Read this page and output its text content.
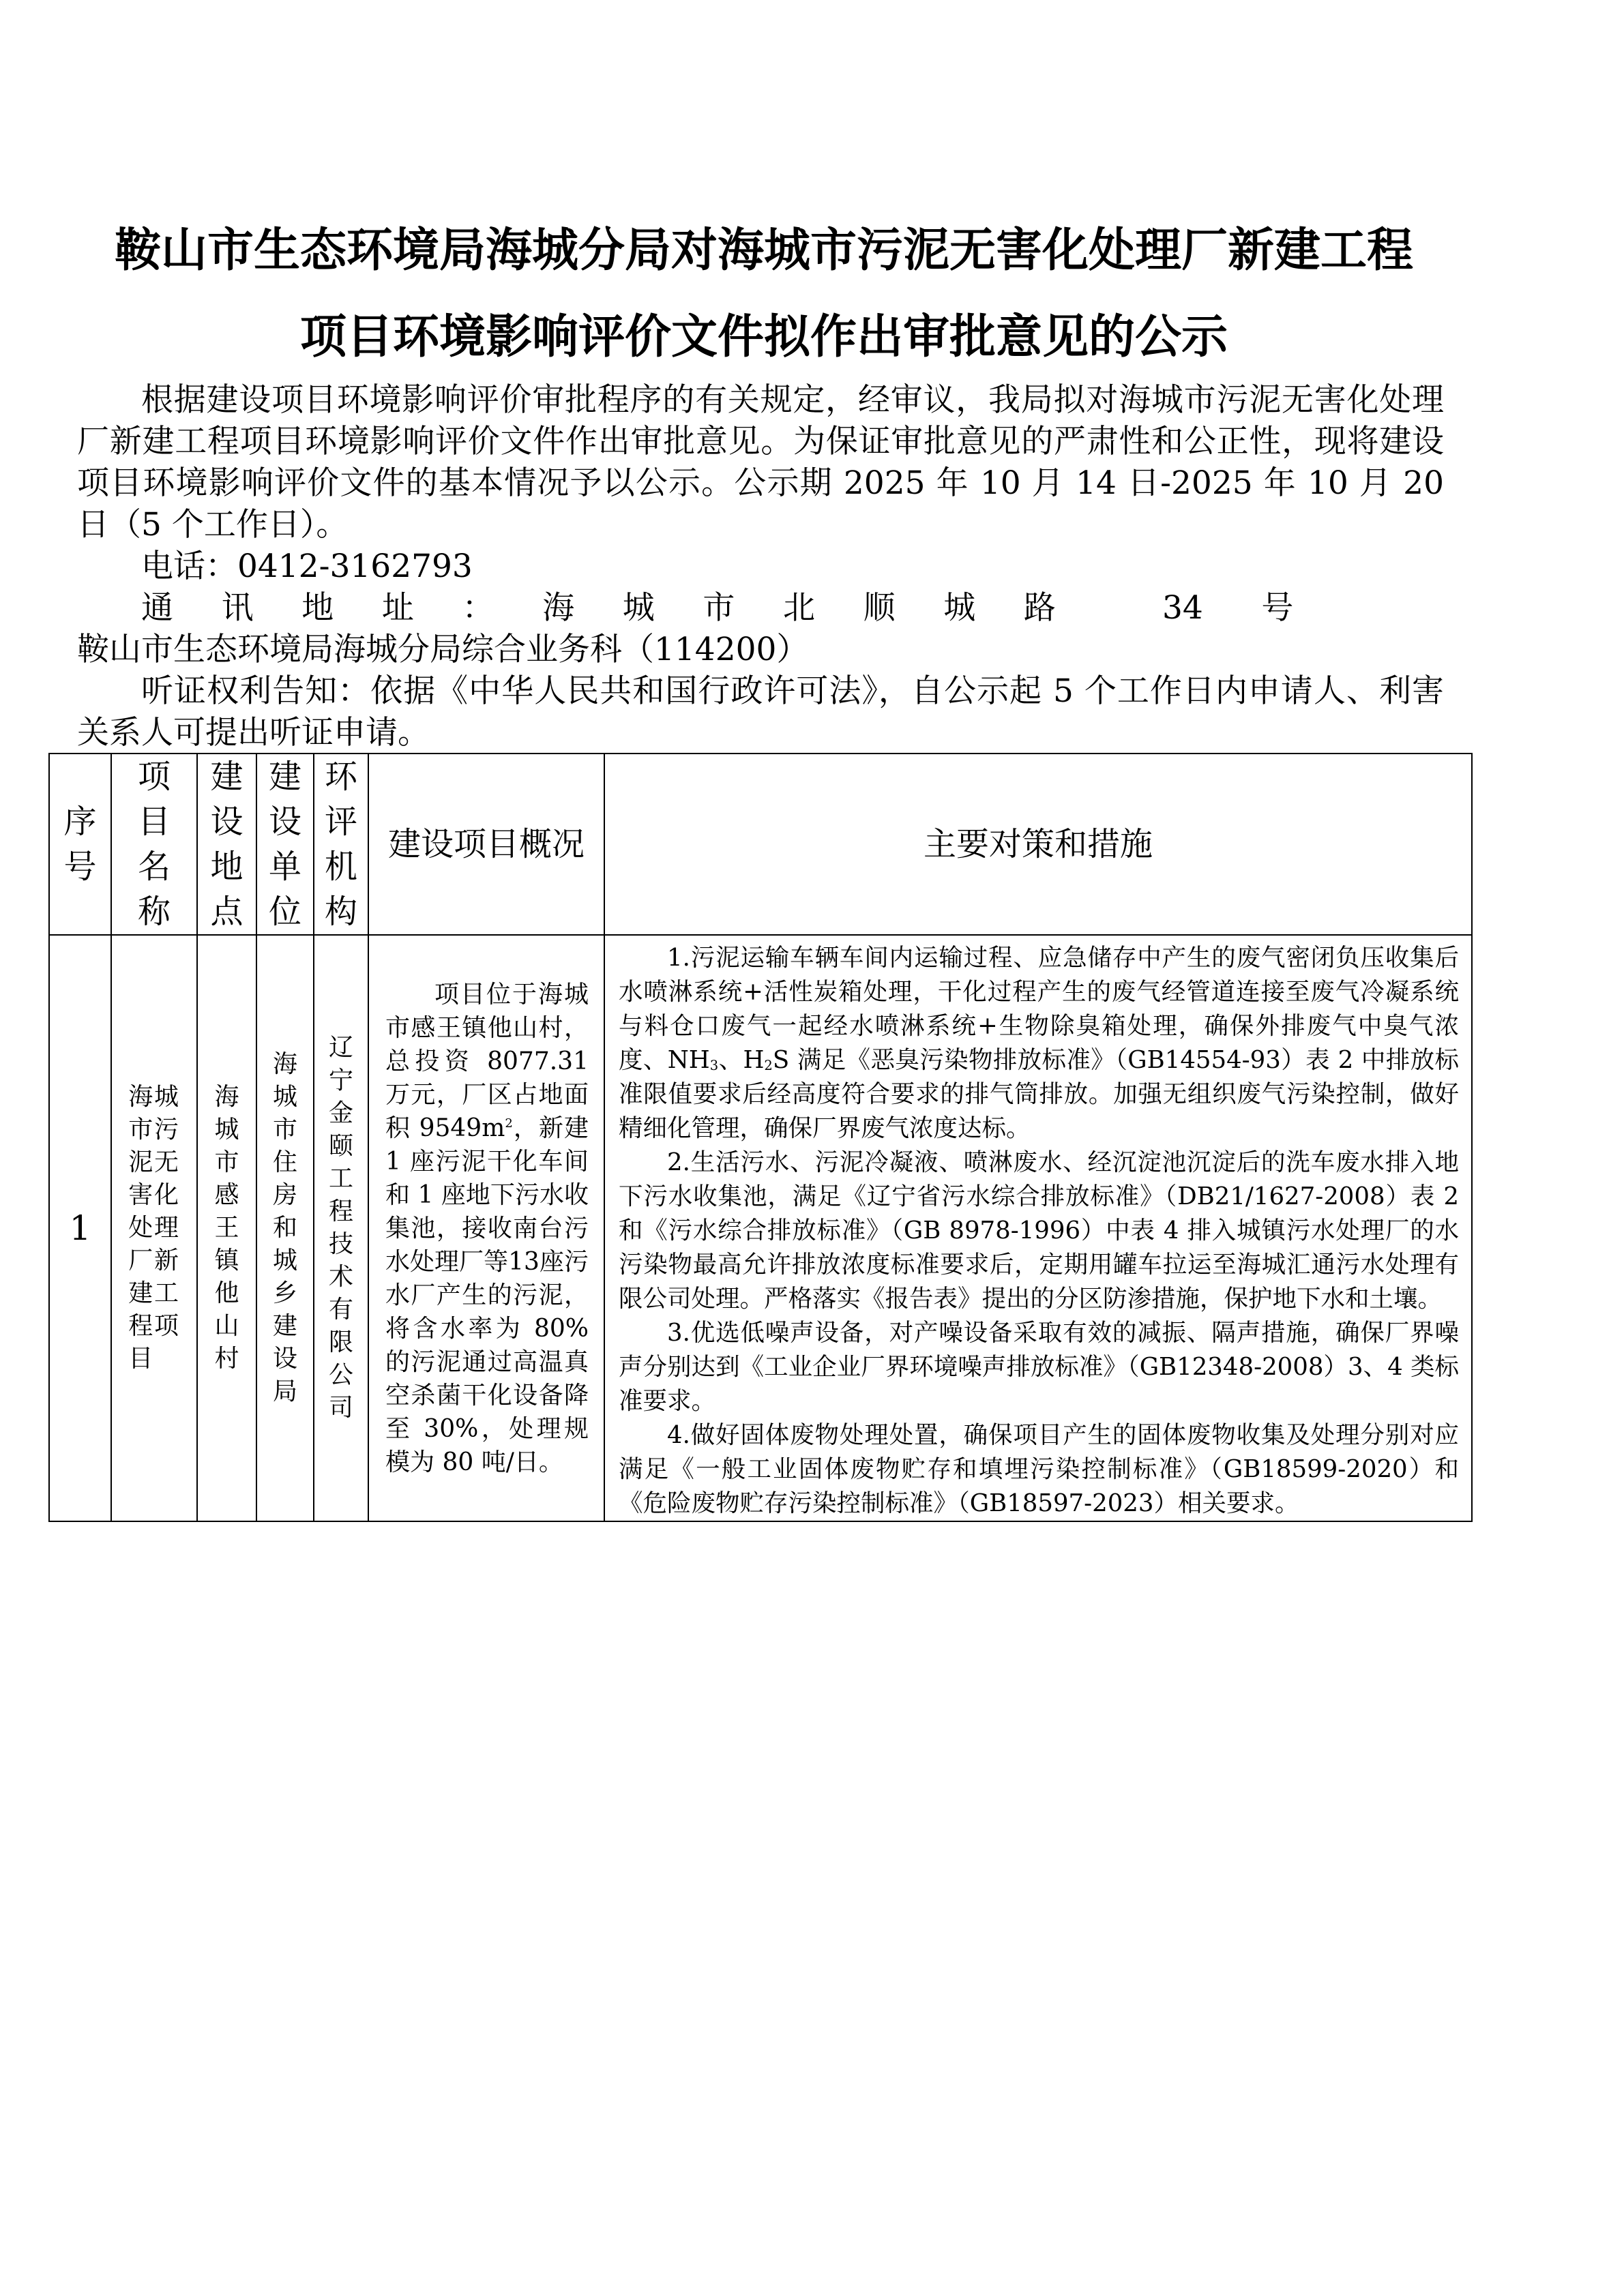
鞍山市生态环境局海城分局对海城市污泥无害化处理厂新建工程
项目环境影响评价文件拟作出审批意见的公示

根据建设项目环境影响评价审批程序的有关规定，经审议，我局拟对海城市污泥无害化处理厂新建工程项目环境影响评价文件作出审批意见。为保证审批意见的严肃性和公正性，现将建设项目环境影响评价文件的基本情况予以公示。公示期 2025 年 10 月 14 日-2025 年 10 月 20 日（5 个工作日）。

电话：0412-3162793

通讯地址：海城市北顺城路 34 号鞍山市生态环境局海城分局综合业务科（114200）

听证权利告知：依据《中华人民共和国行政许可法》，自公示起 5 个工作日内申请人、利害关系人可提出听证申请。

序号	项目名称	建设地点	建设单位	环评机构	建设项目概况	主要对策和措施
1	海城市污泥无害化处理厂新建工程项目	海城市感王镇他山村	海城市住房和城乡建设局	辽宁金颐工程技术有限公司	项目位于海城市感王镇他山村，总投资 8077.31 万元，厂区占地面积 $9549m^2$，新建 1 座污泥干化车间和 1 座地下污水收集池，接收南台污水处理厂等13座污水厂产生的污泥，将含水率为 80%的污泥通过高温真空杀菌干化设备降至 30%，处理规模为 80 吨/日。	1.污泥运输车辆车间内运输过程、应急储存中产生的废气密闭负压收集后水喷淋系统+活性炭箱处理，干化过程产生的废气经管道连接至废气冷凝系统与料仓口废气一起经水喷淋系统+生物除臭箱处理，确保外排废气中臭气浓度、$NH_3$、$H_2S$ 满足《恶臭污染物排放标准》（GB14554-93）表 2 中排放标准限值要求后经高度符合要求的排气筒排放。加强无组织废气污染控制，做好精细化管理，确保厂界废气浓度达标。

2.生活污水、污泥冷凝液、喷淋废水、经沉淀池沉淀后的洗车废水排入地下污水收集池，满足《辽宁省污水综合排放标准》（DB21/1627-2008）表 2 和《污水综合排放标准》（GB 8978-1996）中表 4 排入城镇污水处理厂的水污染物最高允许排放浓度标准要求后，定期用罐车拉运至海城汇通污水处理有限公司处理。严格落实《报告表》提出的分区防渗措施，保护地下水和土壤。

3.优选低噪声设备，对产噪设备采取有效的减振、隔声措施，确保厂界噪声分别达到《工业企业厂界环境噪声排放标准》（GB12348-2008）3、4 类标准要求。

4.做好固体废物处理处置，确保项目产生的固体废物收集及处理分别对应满足《一般工业固体废物贮存和填埋污染控制标准》（GB18599-2020）和《危险废物贮存污染控制标准》（GB18597-2023）相关要求。
